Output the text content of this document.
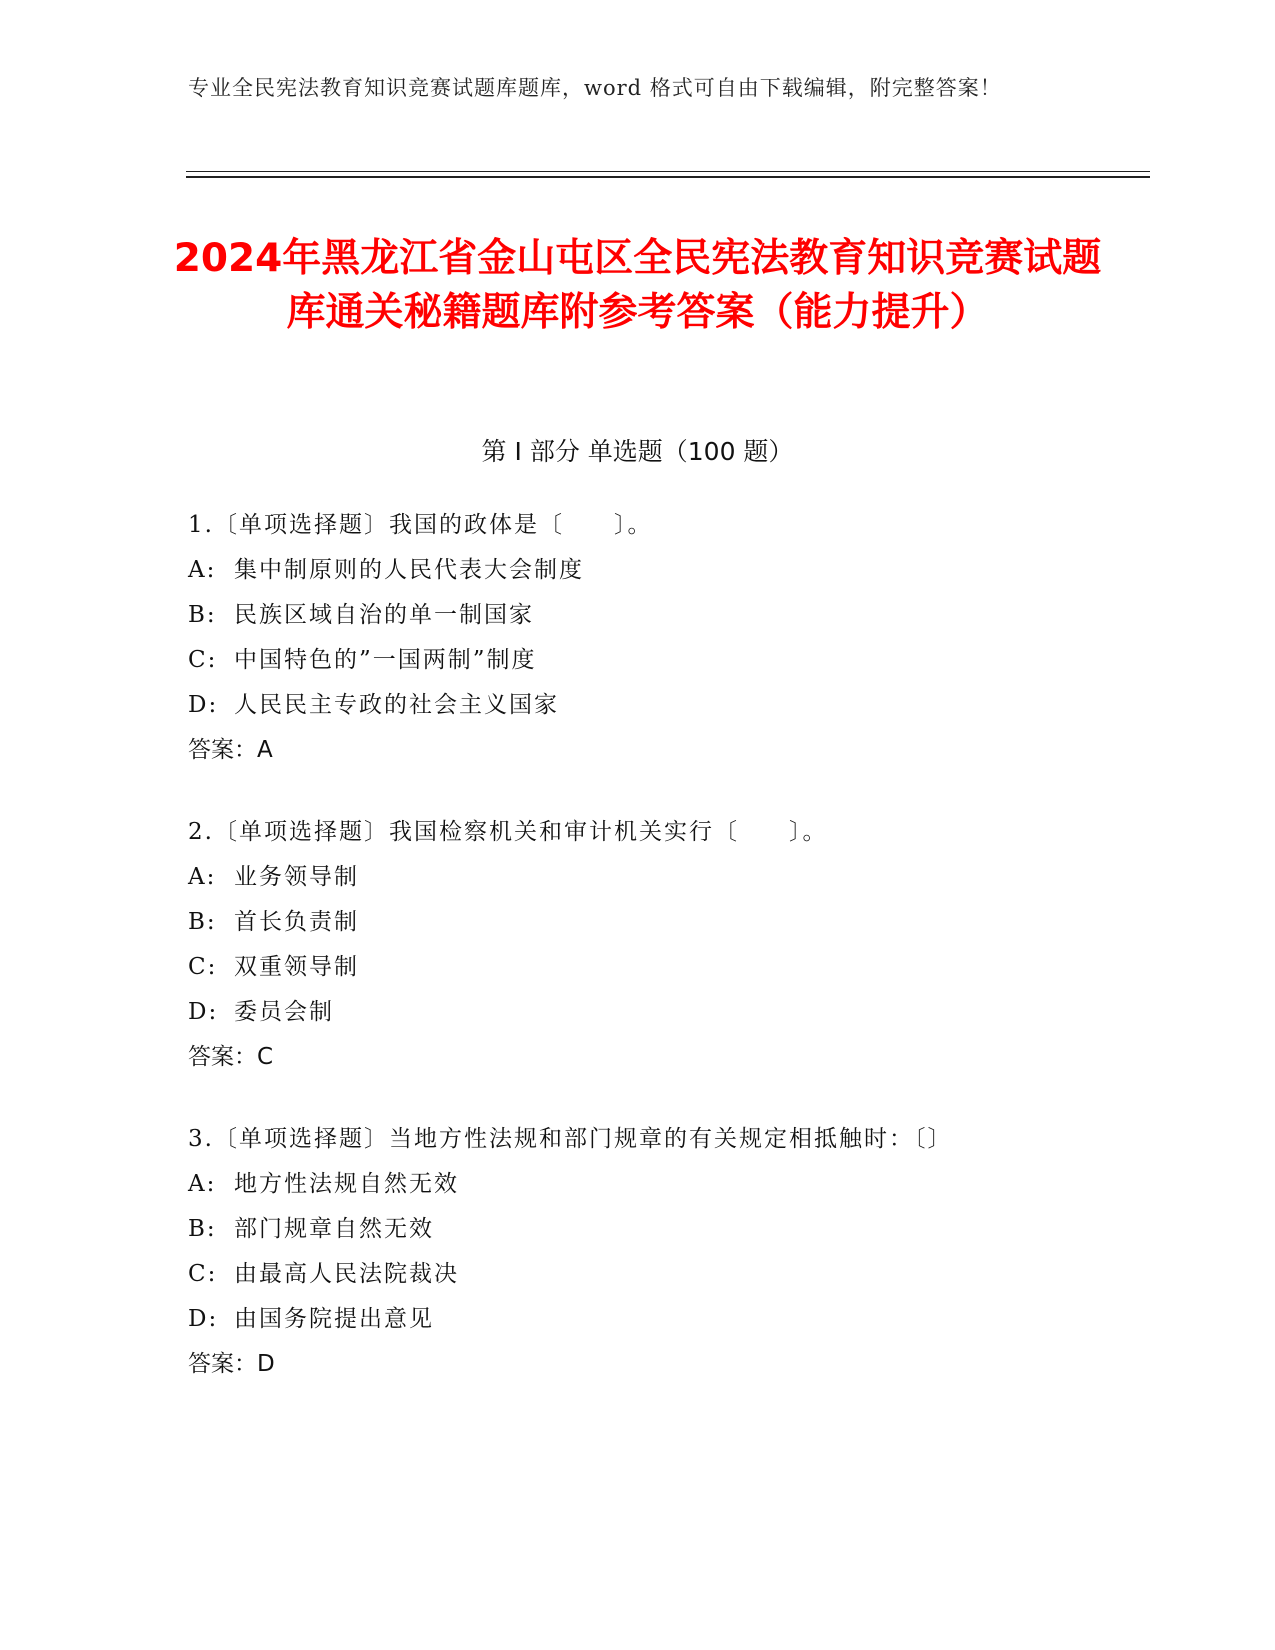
专业全民宪法教育知识竞赛试题库题库，word 格式可自由下载编辑，附完整答案！
2024年黑龙江省金山屯区全民宪法教育知识竞赛试题库通关秘籍题库附参考答案（能力提升）
第 I 部分 单选题（100 题）
1.〔单项选择题〕我国的政体是〔　　〕。
A: 集中制原则的人民代表大会制度
B: 民族区域自治的单一制国家
C: 中国特色的”一国两制”制度
D: 人民民主专政的社会主义国家
答案：A
2.〔单项选择题〕我国检察机关和审计机关实行〔　　〕。
A: 业务领导制
B: 首长负责制
C: 双重领导制
D: 委员会制
答案：C
3.〔单项选择题〕当地方性法规和部门规章的有关规定相抵触时：〔〕
A: 地方性法规自然无效
B: 部门规章自然无效
C: 由最高人民法院裁决
D: 由国务院提出意见
答案：D
